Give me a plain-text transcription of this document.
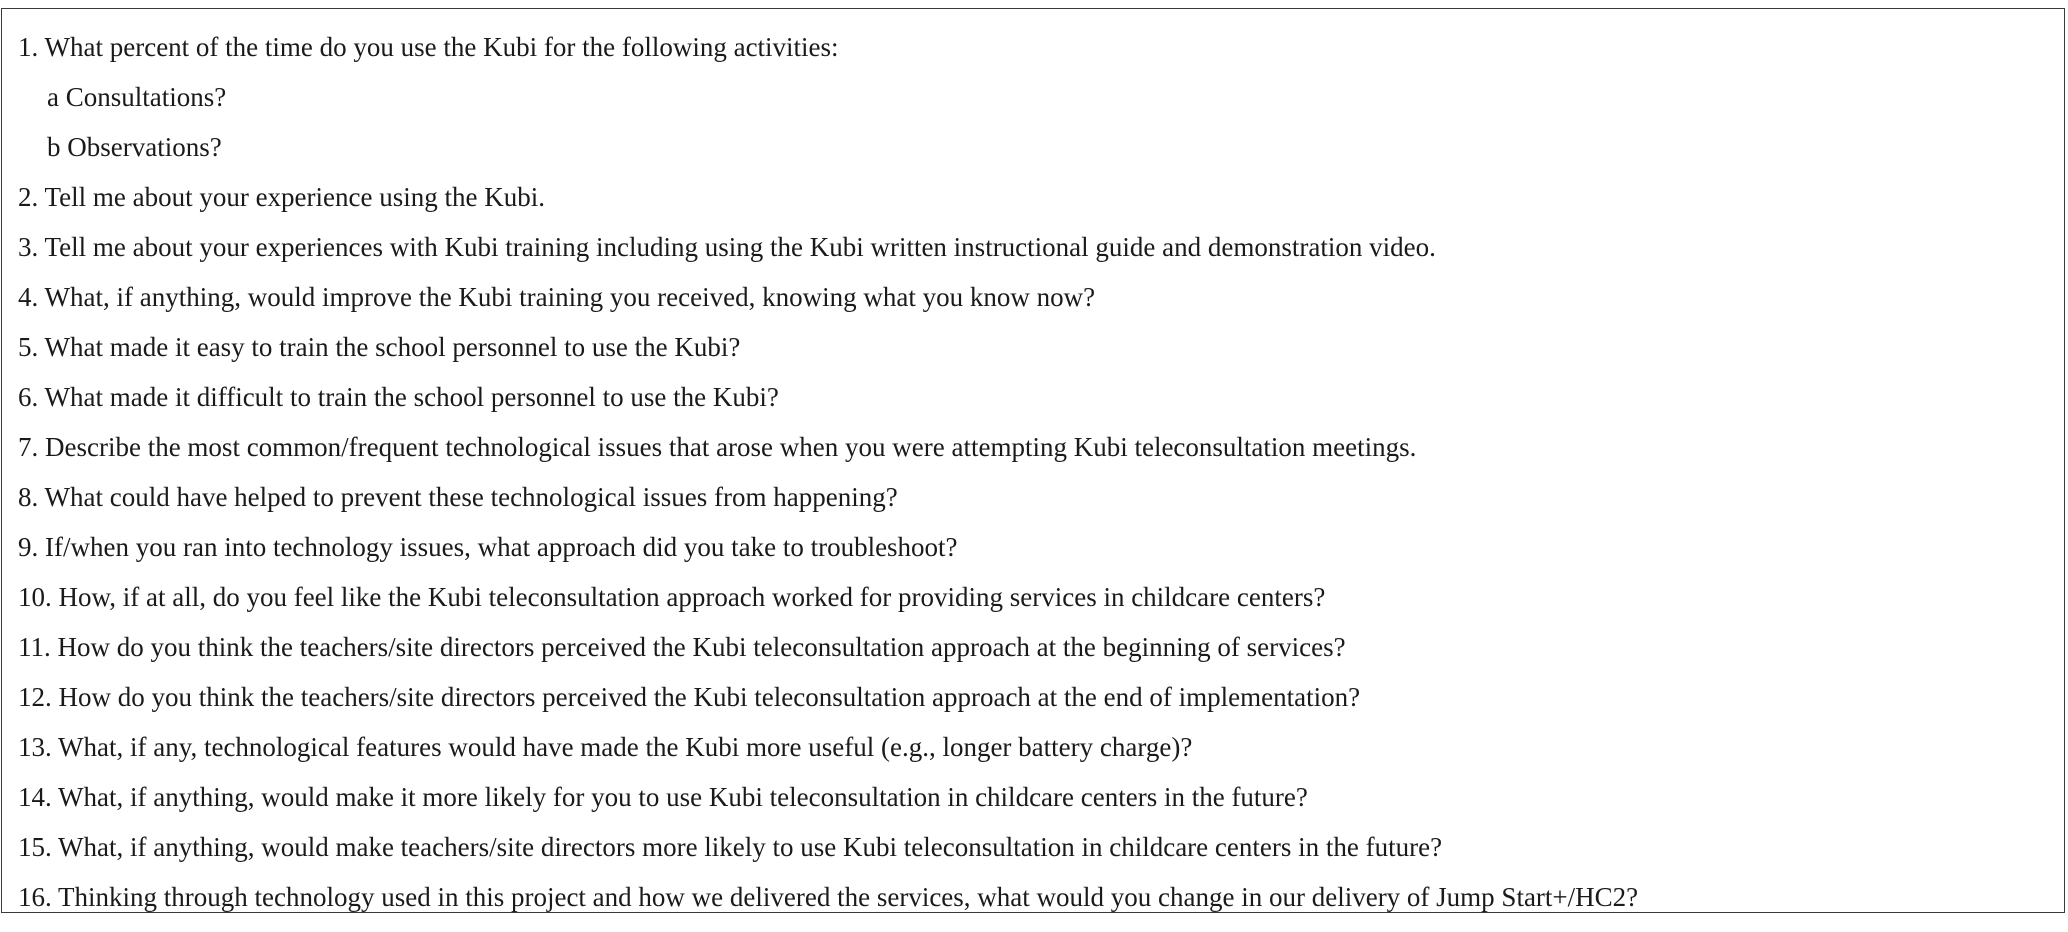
1. What percent of the time do you use the Kubi for the following activities:
a Consultations?
b Observations?
2. Tell me about your experience using the Kubi.
3. Tell me about your experiences with Kubi training including using the Kubi written instructional guide and demonstration video.
4. What, if anything, would improve the Kubi training you received, knowing what you know now?
5. What made it easy to train the school personnel to use the Kubi?
6. What made it difficult to train the school personnel to use the Kubi?
7. Describe the most common/frequent technological issues that arose when you were attempting Kubi teleconsultation meetings.
8. What could have helped to prevent these technological issues from happening?
9. If/when you ran into technology issues, what approach did you take to troubleshoot?
10. How, if at all, do you feel like the Kubi teleconsultation approach worked for providing services in childcare centers?
11. How do you think the teachers/site directors perceived the Kubi teleconsultation approach at the beginning of services?
12. How do you think the teachers/site directors perceived the Kubi teleconsultation approach at the end of implementation?
13. What, if any, technological features would have made the Kubi more useful (e.g., longer battery charge)?
14. What, if anything, would make it more likely for you to use Kubi teleconsultation in childcare centers in the future?
15. What, if anything, would make teachers/site directors more likely to use Kubi teleconsultation in childcare centers in the future?
16. Thinking through technology used in this project and how we delivered the services, what would you change in our delivery of Jump Start+/HC2?
